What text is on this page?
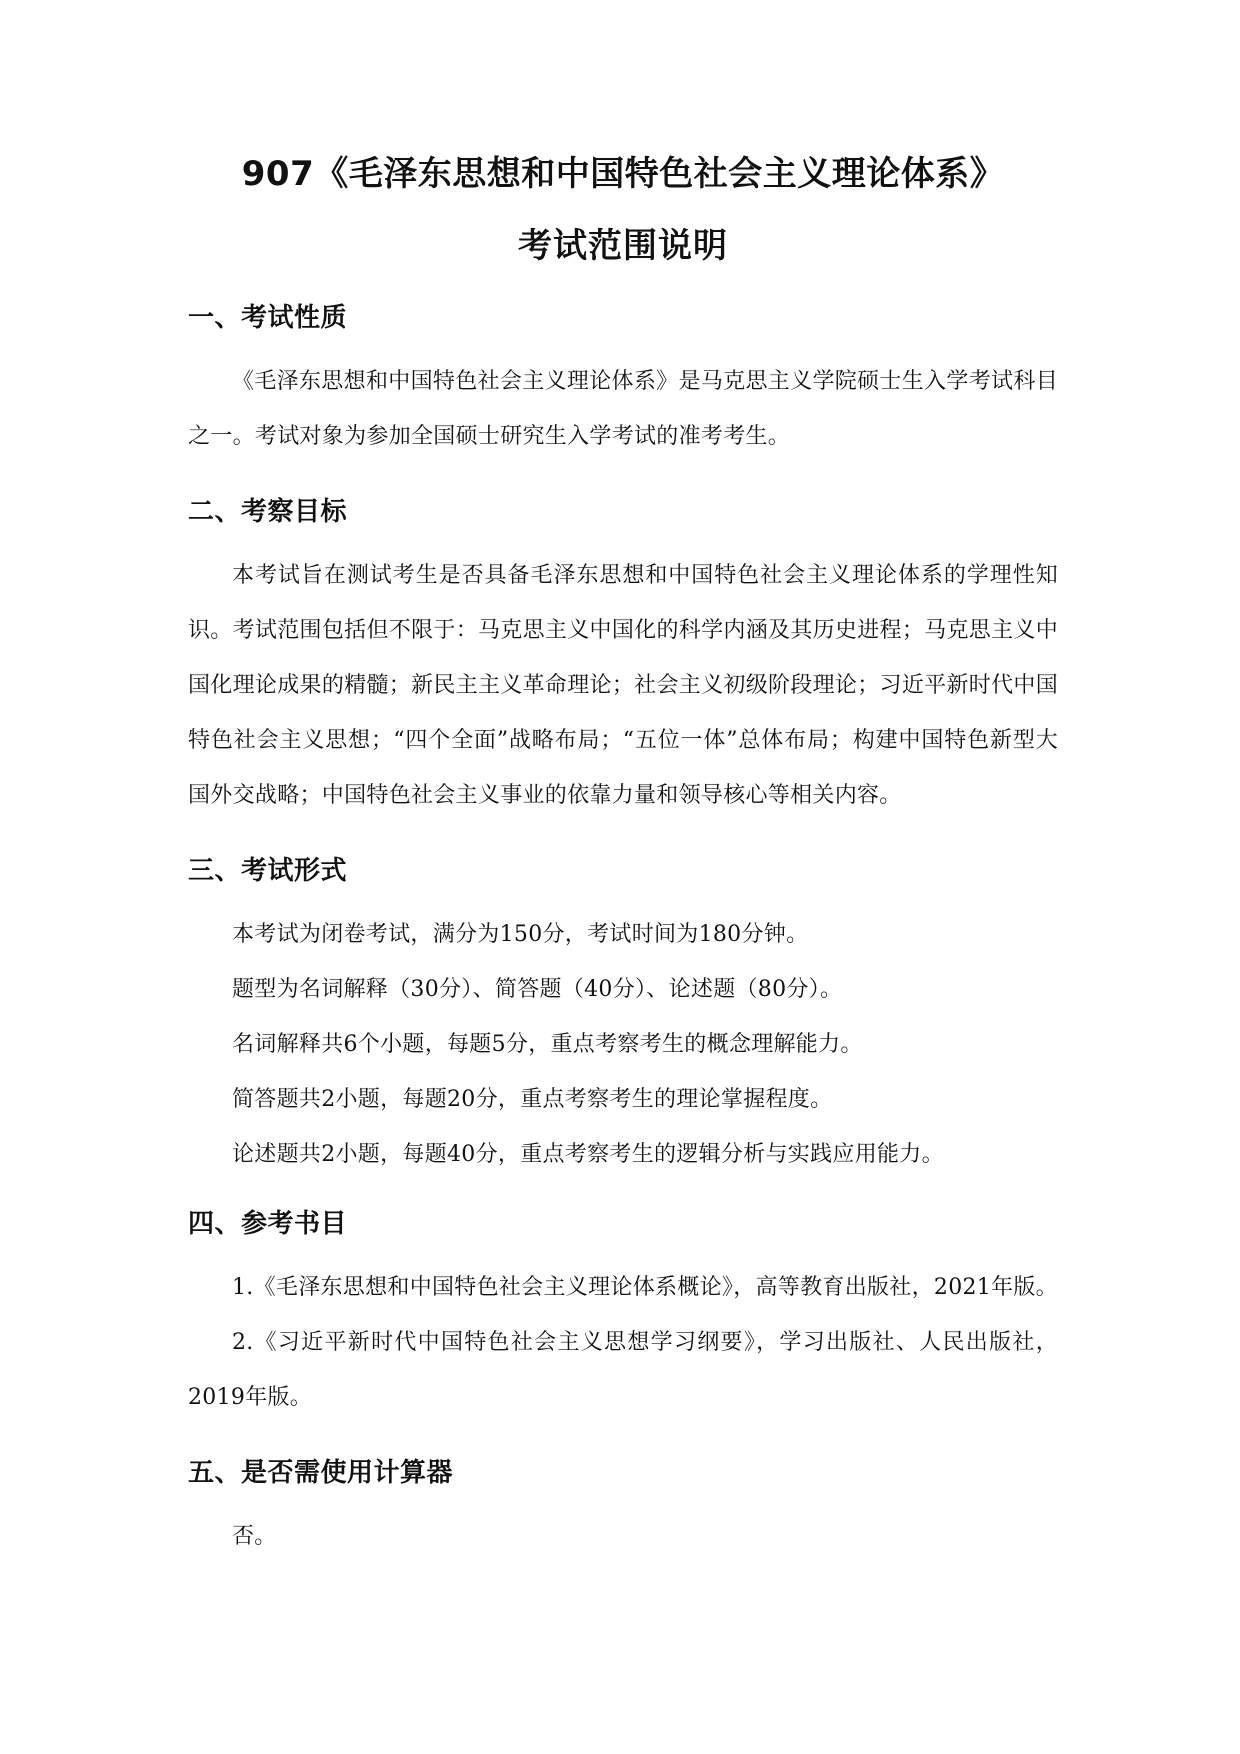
907《毛泽东思想和中国特色社会主义理论体系》
考试范围说明
一、考试性质

《毛泽东思想和中国特色社会主义理论体系》是马克思主义学院硕士生入学考试科目之一。考试对象为参加全国硕士研究生入学考试的准考考生。

二、考察目标

本考试旨在测试考生是否具备毛泽东思想和中国特色社会主义理论体系的学理性知识。考试范围包括但不限于：马克思主义中国化的科学内涵及其历史进程；马克思主义中国化理论成果的精髓；新民主主义革命理论；社会主义初级阶段理论；习近平新时代中国特色社会主义思想；“四个全面”战略布局；“五位一体”总体布局；构建中国特色新型大国外交战略；中国特色社会主义事业的依靠力量和领导核心等相关内容。

三、考试形式

本考试为闭卷考试，满分为150分，考试时间为180分钟。

题型为名词解释（30分）、简答题（40分）、论述题（80分）。

名词解释共6个小题，每题5分，重点考察考生的概念理解能力。

简答题共2小题，每题20分，重点考察考生的理论掌握程度。

论述题共2小题，每题40分，重点考察考生的逻辑分析与实践应用能力。

四、参考书目

1.《毛泽东思想和中国特色社会主义理论体系概论》，高等教育出版社，2021年版。

2.《习近平新时代中国特色社会主义思想学习纲要》，学习出版社、人民出版社，2019年版。

五、是否需使用计算器

否。
